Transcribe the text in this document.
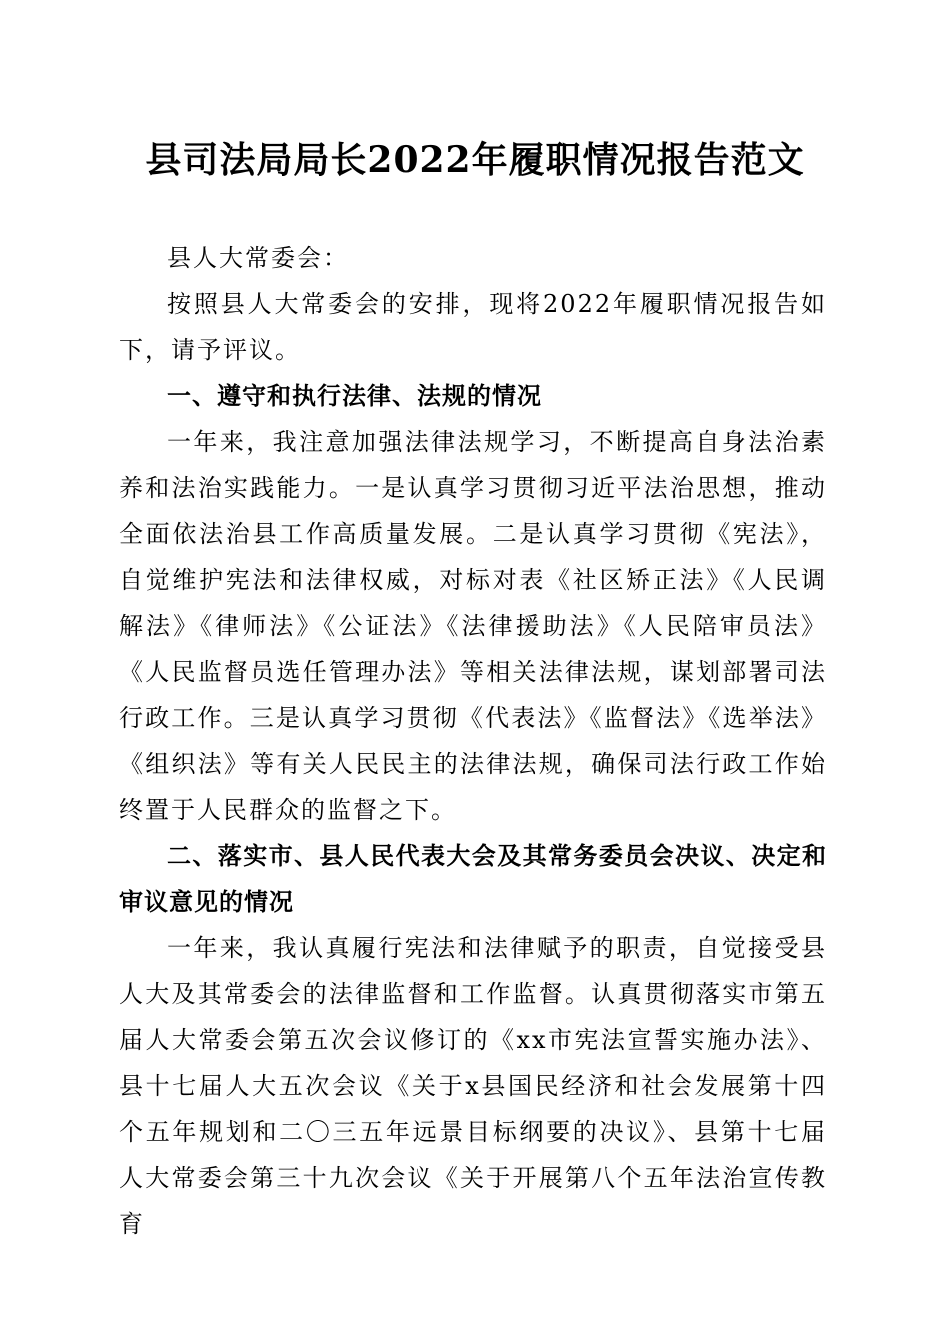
县司法局局长2022年履职情况报告范文

县人大常委会：

按照县人大常委会的安排，现将2022年履职情况报告如下，请予评议。

一、遵守和执行法律、法规的情况

一年来，我注意加强法律法规学习，不断提高自身法治素养和法治实践能力。一是认真学习贯彻习近平法治思想，推动全面依法治县工作高质量发展。二是认真学习贯彻《宪法》，自觉维护宪法和法律权威，对标对表《社区矫正法》《人民调解法》《律师法》《公证法》《法律援助法》《人民陪审员法》《人民监督员选任管理办法》等相关法律法规，谋划部署司法行政工作。三是认真学习贯彻《代表法》《监督法》《选举法》《组织法》等有关人民民主的法律法规，确保司法行政工作始终置于人民群众的监督之下。

二、落实市、县人民代表大会及其常务委员会决议、决定和审议意见的情况

一年来，我认真履行宪法和法律赋予的职责，自觉接受县人大及其常委会的法律监督和工作监督。认真贯彻落实市第五届人大常委会第五次会议修订的《xx市宪法宣誓实施办法》、县十七届人大五次会议《关于x县国民经济和社会发展第十四个五年规划和二〇三五年远景目标纲要的决议》、县第十七届人大常委会第三十九次会议《关于开展第八个五年法治宣传教育
